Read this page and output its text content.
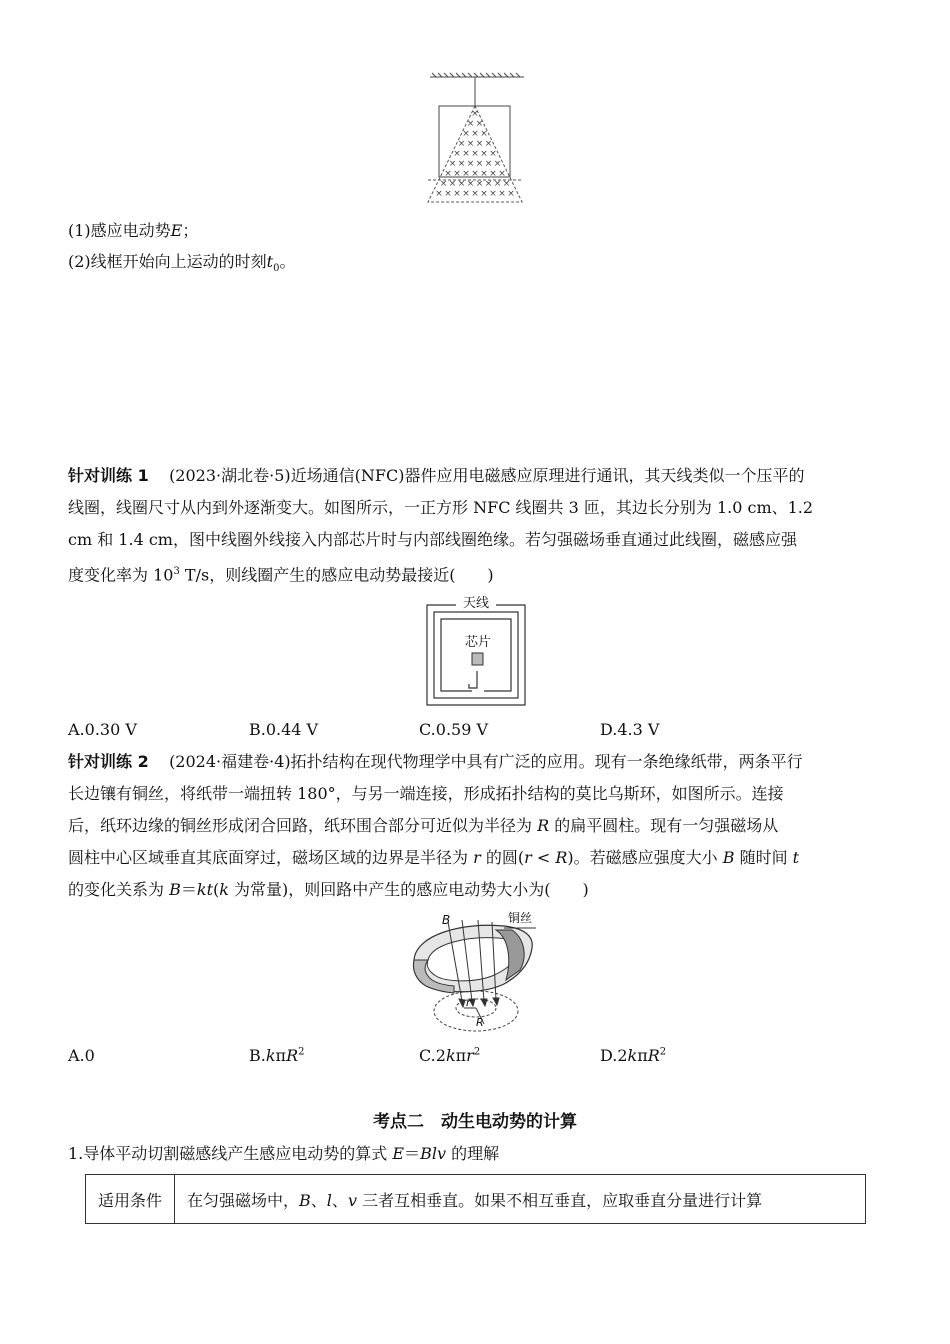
×
× ×
× × ×
× × × ×
× × × × ×
× × × × × ×
× × × × × × ×
× × × × × × × ×
× × × × × × × × ×
(1)感应电动势E；
(2)线框开始向上运动的时刻$t_0$。
针对训练 1 (2023·湖北卷·5)近场通信(NFC)器件应用电磁感应原理进行通讯，其天线类似一个压平的
线圈，线圈尺寸从内到外逐渐变大。如图所示，一正方形 NFC 线圈共 3 匝，其边长分别为 1.0 cm、1.2
cm 和 1.4 cm，图中线圈外线接入内部芯片时与内部线圈绝缘。若匀强磁场垂直通过此线圈，磁感应强
度变化率为 $10^3$ T/s，则线圈产生的感应电动势最接近(　　)
天线
芯片
A.0.30 V	B.0.44 V	C.0.59 V	D.4.3 V
针对训练 2 (2024·福建卷·4)拓扑结构在现代物理学中具有广泛的应用。现有一条绝缘纸带，两条平行
长边镶有铜丝，将纸带一端扭转 180°，与另一端连接，形成拓扑结构的莫比乌斯环，如图所示。连接
后，纸环边缘的铜丝形成闭合回路，纸环围合部分可近似为半径为 R 的扁平圆柱。现有一匀强磁场从
圆柱中心区域垂直其底面穿过，磁场区域的边界是半径为 r 的圆(r < R)。若磁感应强度大小 B 随时间 t
的变化关系为 B＝kt(k 为常量)，则回路中产生的感应电动势大小为(　　)
B	铜丝
r
R
A.0	B.kπR$^2$	C.2kπr$^2$	D.2kπR$^2$
考点二　动生电动势的计算
1.导体平动切割磁感线产生感应电动势的算式 E＝Blv 的理解
适用条件	在匀强磁场中，B、l、v 三者互相垂直。如果不相互垂直，应取垂直分量进行计算
